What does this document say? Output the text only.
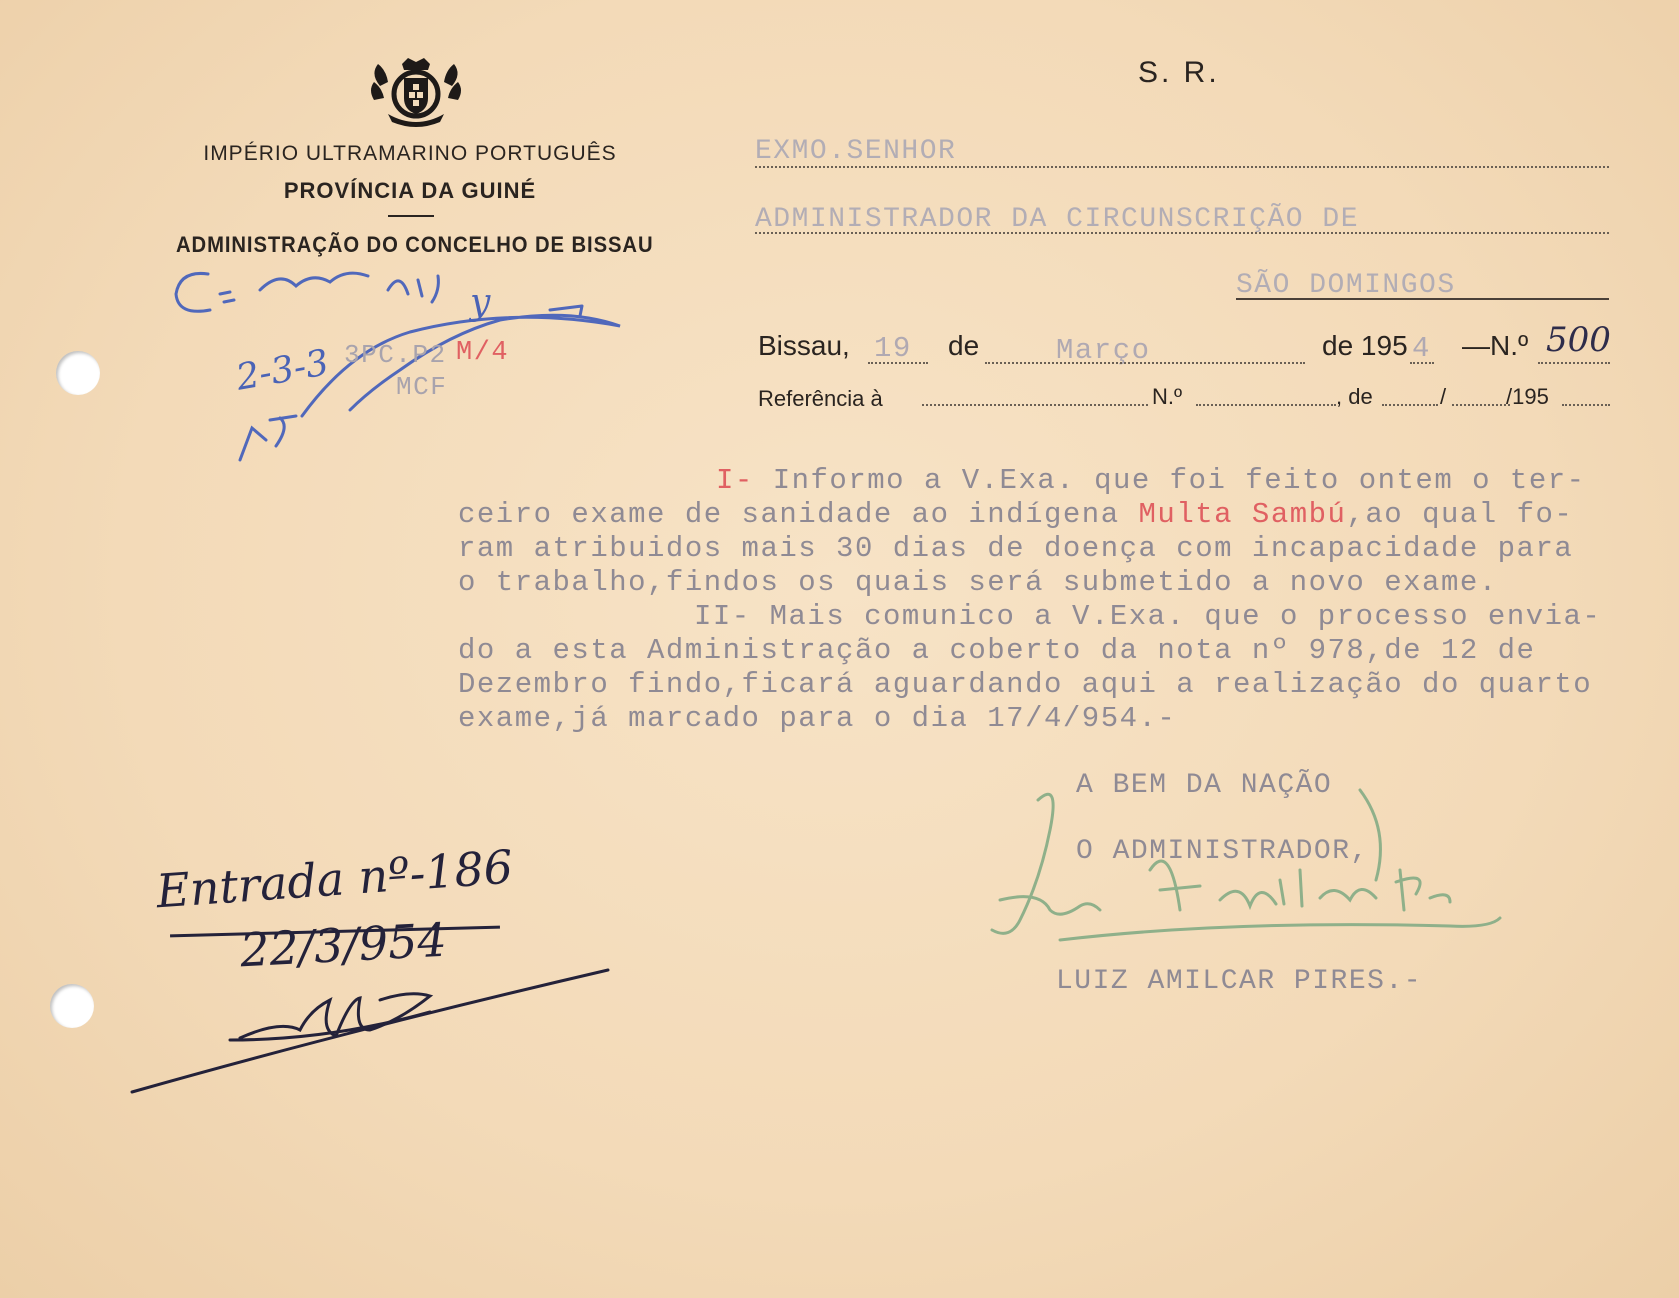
IMPÉRIO ULTRAMARINO PORTUGUÊS
PROVÍNCIA DA GUINÉ
ADMINISTRAÇÃO DO CONCELHO DE BISSAU
S. R.
EXMO.SENHOR
ADMINISTRADOR DA CIRCUNSCRIÇÃO DE
SÃO DOMINGOS
Bissau, 19 de	Março	de 195 4 —N.º 500
Referência à	N.º	, de	/	/195
2-3-3
y
3PC.P2
MCF
M/4
I- Informo a V.Exa. que foi feito ontem o ter-
ceiro exame de sanidade ao indígena Multa Sambú,ao qual fo-
ram atribuidos mais 30 dias de doença com incapacidade para
o trabalho,findos os quais será submetido a novo exame.
II- Mais comunico a V.Exa. que o processo envia-
do a esta Administração a coberto da nota nº 978,de 12 de
Dezembro findo,ficará aguardando aqui a realização do quarto
exame,já marcado para o dia 17/4/954.-
A BEM DA NAÇÃO
O ADMINISTRADOR,
LUIZ AMILCAR PIRES.-
Entrada nº-186
22/3/954
